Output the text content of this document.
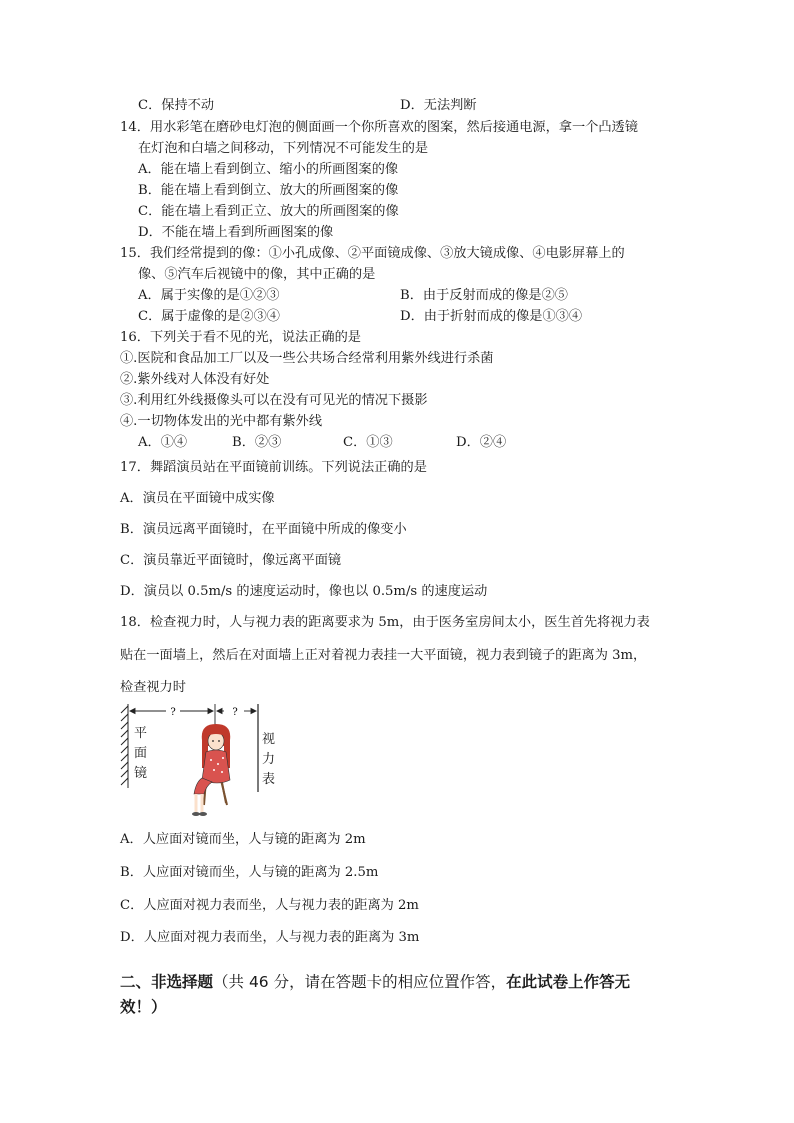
C．保持不动	D．无法判断
14．用水彩笔在磨砂电灯泡的侧面画一个你所喜欢的图案，然后接通电源，拿一个凸透镜
在灯泡和白墙之间移动，下列情况不可能发生的是
A．能在墙上看到倒立、缩小的所画图案的像
B．能在墙上看到倒立、放大的所画图案的像
C．能在墙上看到正立、放大的所画图案的像
D．不能在墙上看到所画图案的像
15．我们经常提到的像：①小孔成像、②平面镜成像、③放大镜成像、④电影屏幕上的
像、⑤汽车后视镜中的像，其中正确的是
A．属于实像的是①②③	B．由于反射而成的像是②⑤
C．属于虚像的是②③④	D．由于折射而成的像是①③④
16．下列关于看不见的光，说法正确的是
①.医院和食品加工厂以及一些公共场合经常利用紫外线进行杀菌
②.紫外线对人体没有好处
③.利用红外线摄像头可以在没有可见光的情况下摄影
④.一切物体发出的光中都有紫外线
A．①④	B．②③	C．①③	D．②④
17．舞蹈演员站在平面镜前训练。下列说法正确的是
A．演员在平面镜中成实像
B．演员远离平面镜时，在平面镜中所成的像变小
C．演员靠近平面镜时，像远离平面镜
D．演员以 0.5m/s 的速度运动时，像也以 0.5m/s 的速度运动
18．检查视力时，人与视力表的距离要求为 5m，由于医务室房间太小，医生首先将视力表
贴在一面墙上，然后在对面墙上正对着视力表挂一大平面镜，视力表到镜子的距离为 3m，
检查视力时
?	?
平面镜
视力表
A．人应面对镜而坐，人与镜的距离为 2m
B．人应面对镜而坐，人与镜的距离为 2.5m
C．人应面对视力表而坐，人与视力表的距离为 2m
D．人应面对视力表而坐，人与视力表的距离为 3m
二、非选择题（共 46 分，请在答题卡的相应位置作答，在此试卷上作答无
效！）
